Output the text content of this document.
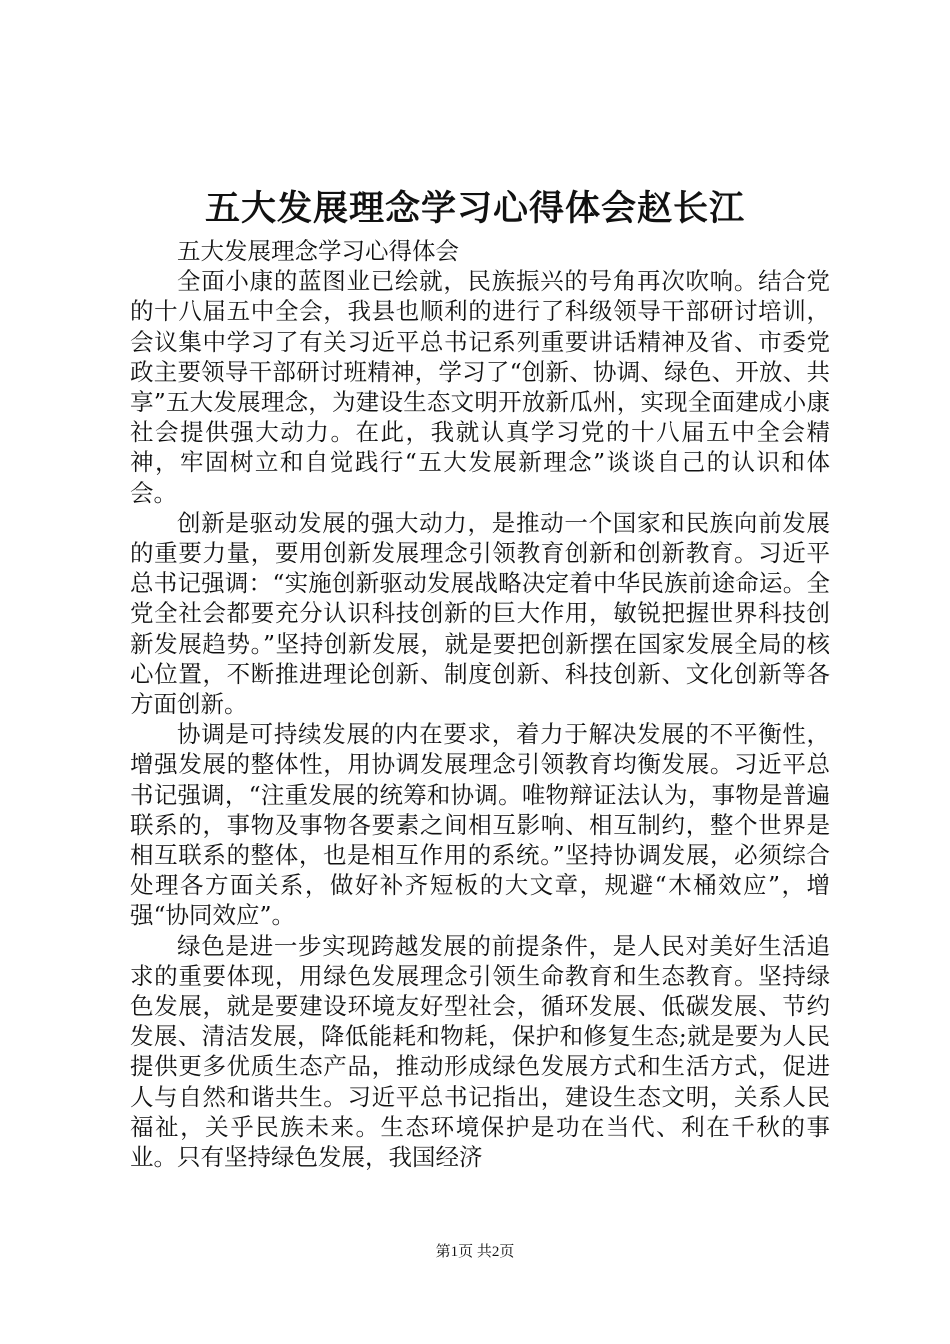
五大发展理念学习心得体会赵长江

五大发展理念学习心得体会

全面小康的蓝图业已绘就，民族振兴的号角再次吹响。结合党的十八届五中全会，我县也顺利的进行了科级领导干部研讨培训，会议集中学习了有关习近平总书记系列重要讲话精神及省、市委党政主要领导干部研讨班精神，学习了“创新、协调、绿色、开放、共享”五大发展理念，为建设生态文明开放新瓜州，实现全面建成小康社会提供强大动力。在此，我就认真学习党的十八届五中全会精神，牢固树立和自觉践行“五大发展新理念”谈谈自己的认识和体会。

创新是驱动发展的强大动力，是推动一个国家和民族向前发展的重要力量，要用创新发展理念引领教育创新和创新教育。习近平总书记强调：“实施创新驱动发展战略决定着中华民族前途命运。全党全社会都要充分认识科技创新的巨大作用，敏锐把握世界科技创新发展趋势。”坚持创新发展，就是要把创新摆在国家发展全局的核心位置，不断推进理论创新、制度创新、科技创新、文化创新等各方面创新。

协调是可持续发展的内在要求，着力于解决发展的不平衡性，增强发展的整体性，用协调发展理念引领教育均衡发展。习近平总书记强调，“注重发展的统筹和协调。唯物辩证法认为，事物是普遍联系的，事物及事物各要素之间相互影响、相互制约，整个世界是相互联系的整体，也是相互作用的系统。”坚持协调发展，必须综合处理各方面关系，做好补齐短板的大文章，规避“木桶效应”，增强“协同效应”。

绿色是进一步实现跨越发展的前提条件，是人民对美好生活追求的重要体现，用绿色发展理念引领生命教育和生态教育。坚持绿色发展，就是要建设环境友好型社会，循环发展、低碳发展、节约发展、清洁发展，降低能耗和物耗，保护和修复生态;就是要为人民提供更多优质生态产品，推动形成绿色发展方式和生活方式，促进人与自然和谐共生。习近平总书记指出，建设生态文明，关系人民福祉，关乎民族未来。生态环境保护是功在当代、利在千秋的事业。只有坚持绿色发展，我国经济

第1页 共2页
